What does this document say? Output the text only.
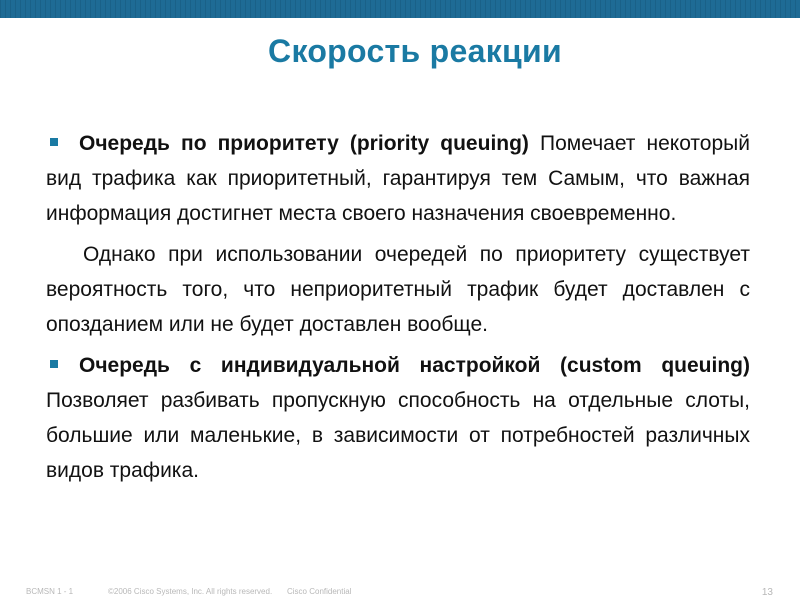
Скорость реакции

Очередь по приоритету (priority queuing) Помечает некоторый вид трафика как приоритетный, гарантируя тем Самым, что важная информация достигнет места своего назначения своевременно.

Однако при использовании очередей по приоритету существует вероятность того, что неприоритетный трафик будет доставлен с опозданием или не будет доставлен вообще.

Очередь с индивидуальной настройкой (custom queuing) Позволяет разбивать пропускную способность на отдельные слоты, большие или маленькие, в зависимости от потребностей различных видов трафика.

BCMSN 1 - 1	©2006 Cisco Systems, Inc. All rights reserved. Cisco Confidential	13
